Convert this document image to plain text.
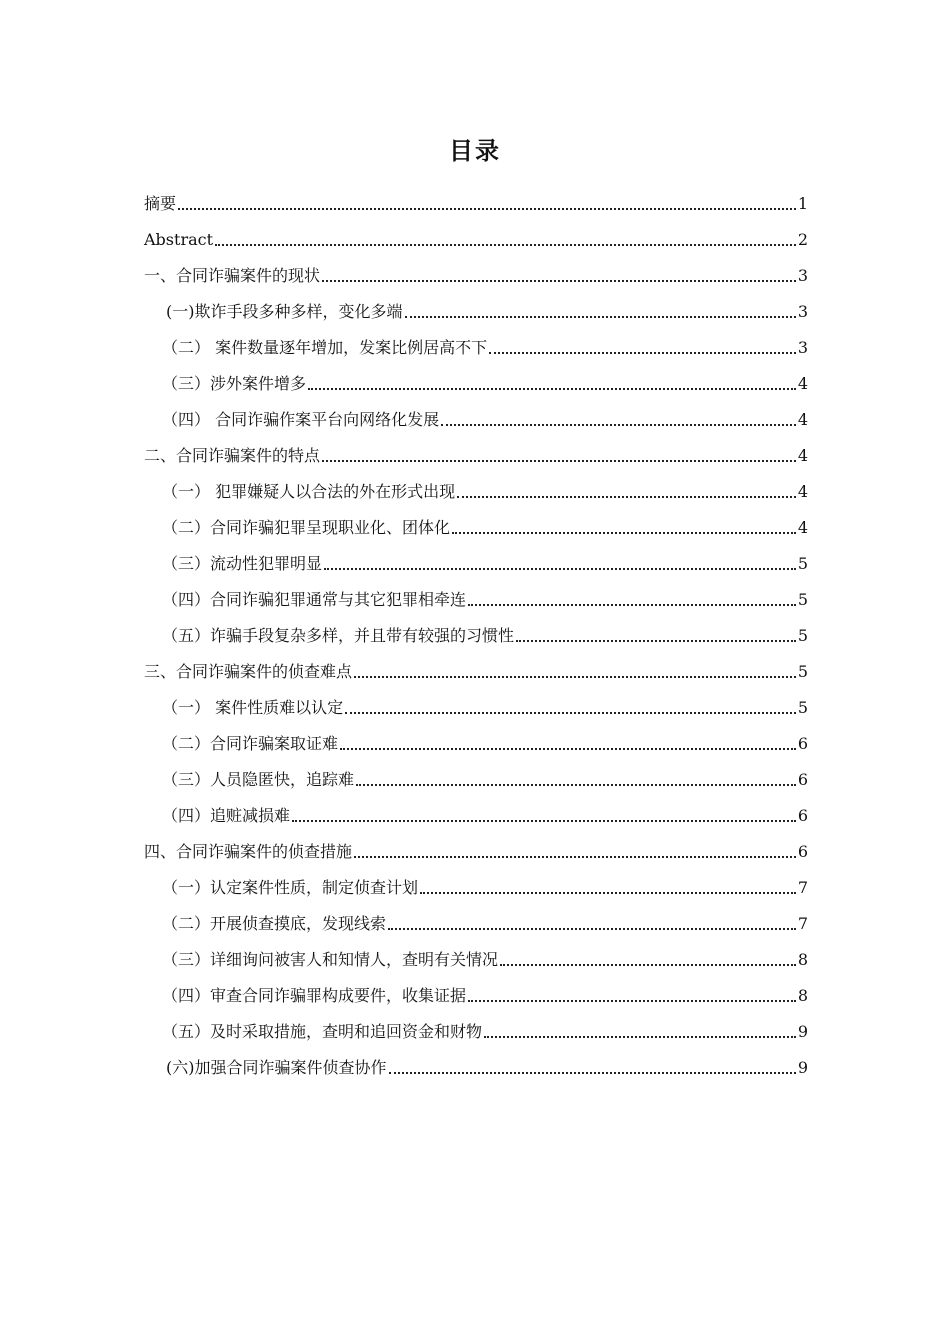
目录
摘要	1
Abstract	2
一、合同诈骗案件的现状	3
(一)欺诈手段多种多样，变化多端	3
（二） 案件数量逐年增加，发案比例居高不下	3
（三）涉外案件增多	4
（四） 合同诈骗作案平台向网络化发展	4
二、合同诈骗案件的特点	4
（一） 犯罪嫌疑人以合法的外在形式出现	4
（二）合同诈骗犯罪呈现职业化、团体化	4
（三）流动性犯罪明显	5
（四）合同诈骗犯罪通常与其它犯罪相牵连	5
（五）诈骗手段复杂多样，并且带有较强的习惯性	5
三、合同诈骗案件的侦查难点	5
（一） 案件性质难以认定	5
（二）合同诈骗案取证难	6
（三）人员隐匿快，追踪难	6
（四）追赃减损难	6
四、合同诈骗案件的侦查措施	6
（一）认定案件性质，制定侦查计划	7
（二）开展侦查摸底，发现线索	7
（三）详细询问被害人和知情人，查明有关情况	8
（四）审查合同诈骗罪构成要件，收集证据	8
（五）及时采取措施，查明和追回资金和财物	9
(六)加强合同诈骗案件侦查协作	9
